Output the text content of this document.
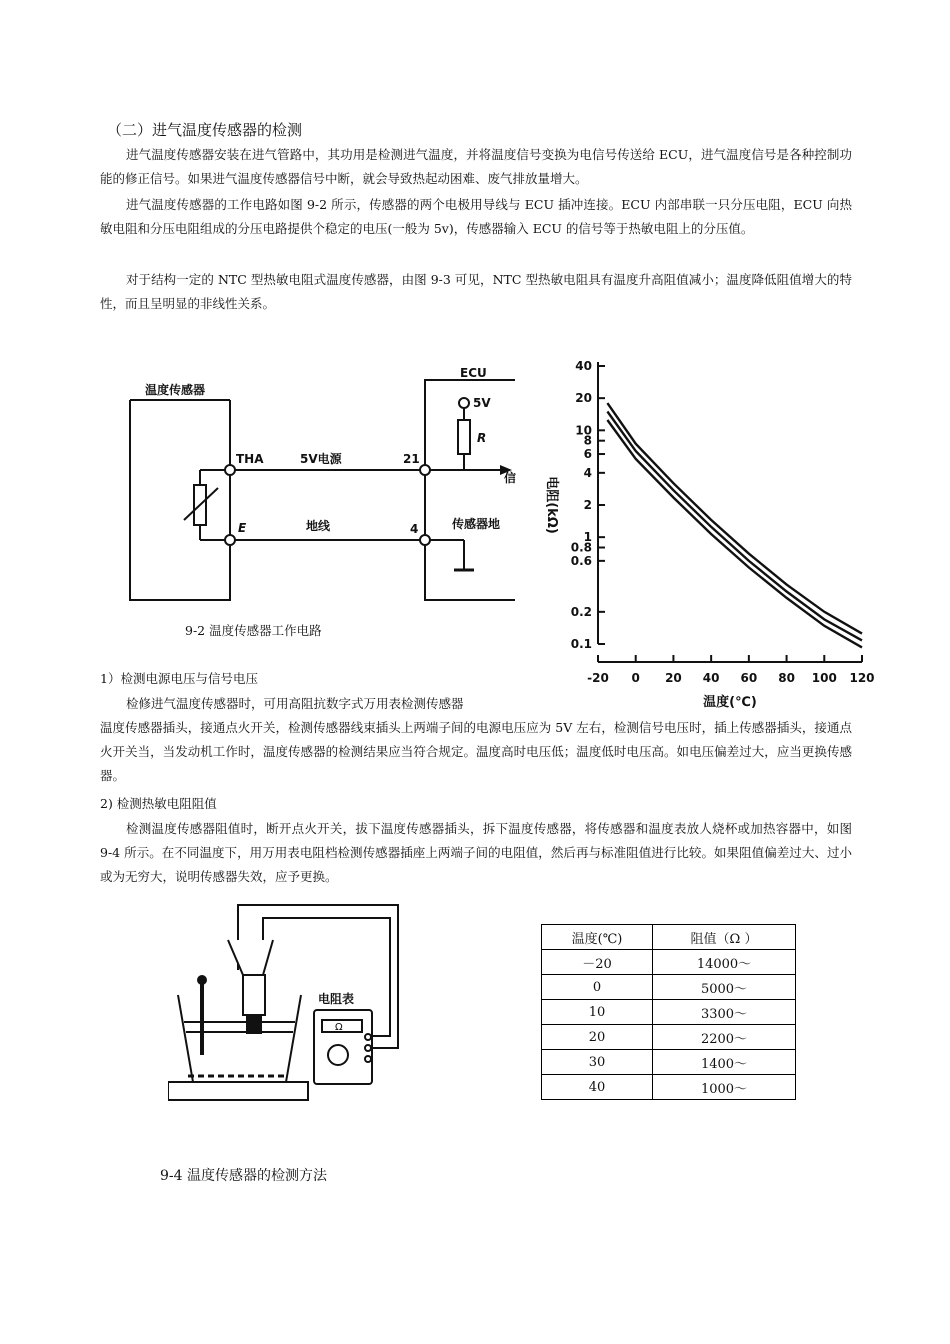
（二）进气温度传感器的检测
进气温度传感器安装在进气管路中，其功用是检测进气温度，并将温度信号变换为电信号传送给 ECU，进气温度信号是各种控制功能的修正信号。如果进气温度传感器信号中断，就会导致热起动困难、废气排放量增大。
进气温度传感器的工作电路如图 9-2 所示，传感器的两个电极用导线与 ECU 插冲连接。ECU 内部串联一只分压电阻，ECU 向热敏电阻和分压电阻组成的分压电路提供个稳定的电压(一般为 5v)，传感器输入 ECU 的信号等于热敏电阻上的分压值。
对于结构一定的 NTC 型热敏电阻式温度传感器，由图 9-3 可见，NTC 型热敏电阻具有温度升高阻值减小；温度降低阻值增大的特性，而且呈明显的非线性关系。
温度传感器
THA
E
5V电源
地线
21
4
ECU
5V
R
信
传感器地
9-2 温度传感器工作电路
40
20
10
8
6
4
2
1
0.8
0.6
0.2
0.1
-20 0 20 40 60 80 100 120
温度(℃)
电阻(kΩ)
1）检测电源电压与信号电压
检修进气温度传感器时，可用高阻抗数字式万用表检测传感器
温度传感器插头，接通点火开关，检测传感器线束插头上两端子间的电源电压应为 5V 左右，检测信号电压时，插上传感器插头，接通点火开关当，当发动机工作时，温度传感器的检测结果应当符合规定。温度高时电压低；温度低时电压高。如电压偏差过大，应当更换传感器。
2) 检测热敏电阻阻值
检测温度传感器阻值时，断开点火开关，拔下温度传感器插头，拆下温度传感器，将传感器和温度表放人烧杯或加热容器中，如图 9-4 所示。在不同温度下，用万用表电阻档检测传感器插座上两端子间的电阻值，然后再与标准阻值进行比较。如果阻值偏差过大、过小或为无穷大，说明传感器失效，应予更换。
电阻表
Ω
温度(℃)	阻值（Ω ）
－20	14000～
0	5000～
10	3300～
20	2200～
30	1400～
40	1000～
9-4 温度传感器的检测方法
